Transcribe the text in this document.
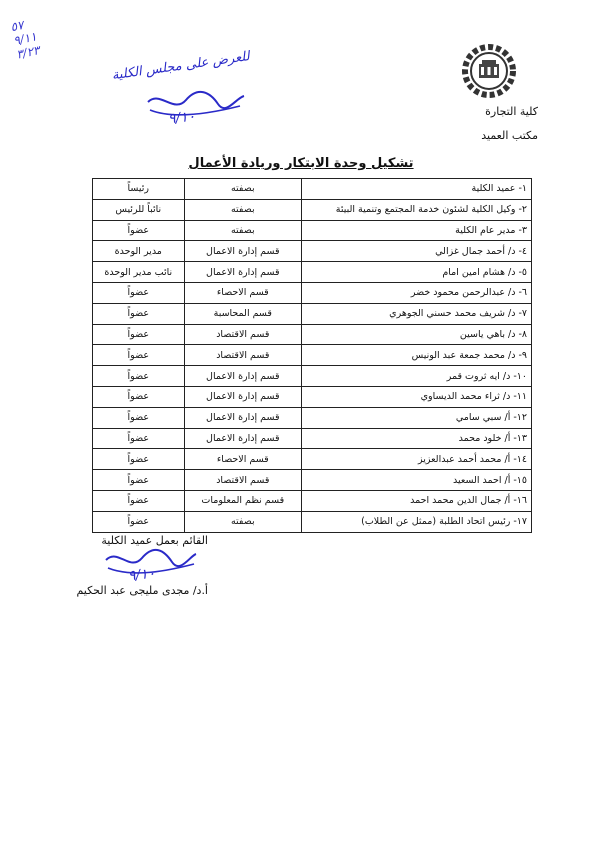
٥٧
٩/١١
٣/٢٣	للعرض على مجلس الكلية
٩/١٠	كلية التجارة
مكتب العميد
تشكيل وحدة الابتكار وريادة الأعمال
١- عميد الكلية	بصفته	رئيساً
٢- وكيل الكلية لشئون خدمة المجتمع وتنمية البيئة	بصفته	نائباً للرئيس
٣- مدير عام الكلية	بصفته	عضواً
٤- د/ أحمد جمال غزالي	قسم إدارة الاعمال	مدير الوحدة
٥- د/ هشام امين امام	قسم إدارة الاعمال	نائب مدير الوحدة
٦- د/ عبدالرحمن محمود خضر	قسم الاحصاء	عضواً
٧- د/ شريف محمد حسني الجوهري	قسم المحاسبة	عضواً
٨- د/ باهي ياسين	قسم الاقتصاد	عضواً
٩- د/ محمد جمعة عبد الونيس	قسم الاقتصاد	عضواً
١٠- د/ ايه ثروت قمر	قسم إدارة الاعمال	عضواً
١١- د/ ثراء محمد الديساوي	قسم إدارة الاعمال	عضواً
١٢- أ/ سبي سامي	قسم إدارة الاعمال	عضواً
١٣- أ/ خلود محمد	قسم إدارة الاعمال	عضواً
١٤- أ/ محمد أحمد عبدالعزيز	قسم الاحصاء	عضواً
١٥- أ/ احمد السعيد	قسم الاقتصاد	عضواً
١٦- أ/ جمال الدين محمد احمد	قسم نظم المعلومات	عضواً
١٧- رئيس اتحاد الطلبة (ممثل عن الطلاب)	بصفته	عضواً
القائم بعمل عميد الكلية
٩/١٠
أ.د/ مجدى مليجى عبد الحكيم
